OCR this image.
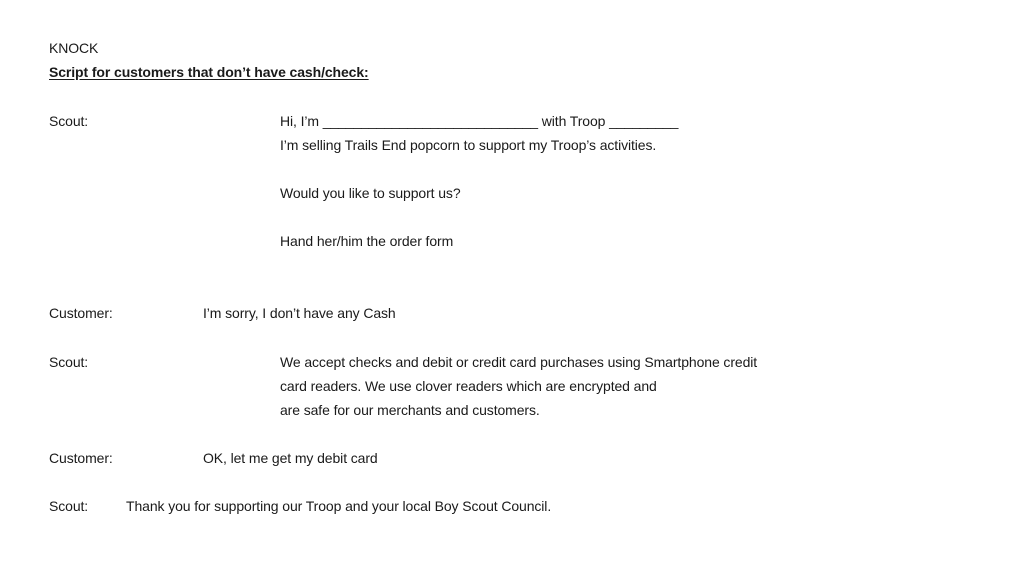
KNOCK
Script for customers that don’t have cash/check:
Scout:	Hi, I’m ____________________________ with Troop _________
I’m selling Trails End popcorn to support my Troop’s activities.
Would you like to support us?
Hand her/him the order form
Customer:	I’m sorry, I don’t have any Cash
Scout:	We accept checks and debit or credit card purchases using Smartphone credit
card readers. We use clover readers which are encrypted and
are safe for our merchants and customers.
Customer:	OK, let me get my debit card
Scout:	Thank you for supporting our Troop and your local Boy Scout Council.
